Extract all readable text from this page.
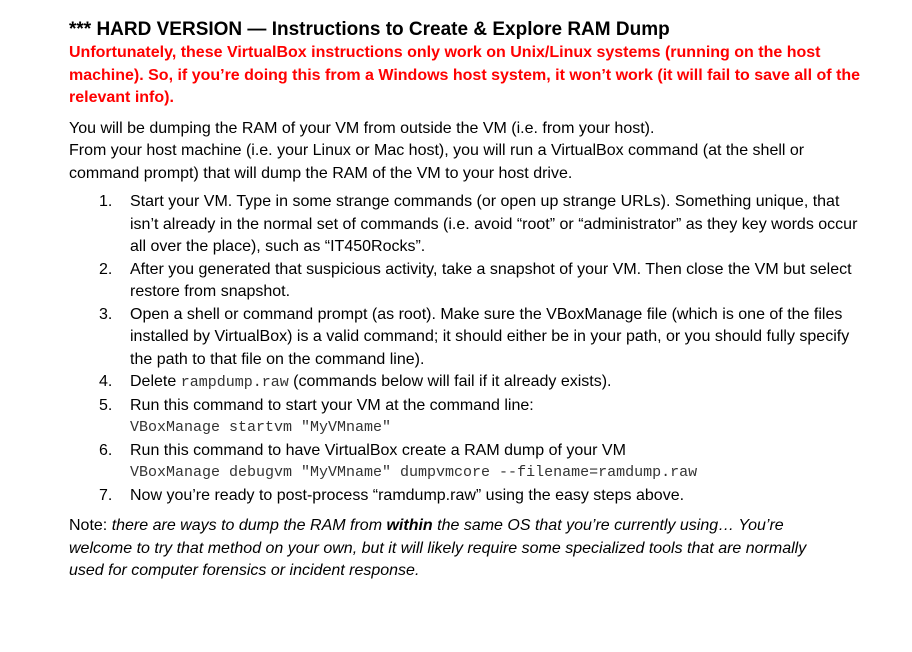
*** HARD VERSION — Instructions to Create & Explore RAM Dump

Unfortunately, these VirtualBox instructions only work on Unix/Linux systems (running on the host machine). So, if you’re doing this from a Windows host system, it won’t work (it will fail to save all of the relevant info).

You will be dumping the RAM of your VM from outside the VM (i.e. from your host).

From your host machine (i.e. your Linux or Mac host), you will run a VirtualBox command (at the shell or command prompt) that will dump the RAM of the VM to your host drive.

1. Start your VM. Type in some strange commands (or open up strange URLs). Something unique, that isn’t already in the normal set of commands (i.e. avoid “root” or “administrator” as they key words occur all over the place), such as “IT450Rocks”.
2. After you generated that suspicious activity, take a snapshot of your VM. Then close the VM but select restore from snapshot.
3. Open a shell or command prompt (as root). Make sure the VBoxManage file (which is one of the files installed by VirtualBox) is a valid command; it should either be in your path, or you should fully specify the path to that file on the command line).
4. Delete rampdump.raw (commands below will fail if it already exists).
5. Run this command to start your VM at the command line:
VBoxManage startvm "MyVMname"
6. Run this command to have VirtualBox create a RAM dump of your VM
VBoxManage debugvm "MyVMname" dumpvmcore --filename=ramdump.raw
7. Now you’re ready to post-process “ramdump.raw” using the easy steps above.

Note: there are ways to dump the RAM from within the same OS that you’re currently using… You’re welcome to try that method on your own, but it will likely require some specialized tools that are normally used for computer forensics or incident response.
